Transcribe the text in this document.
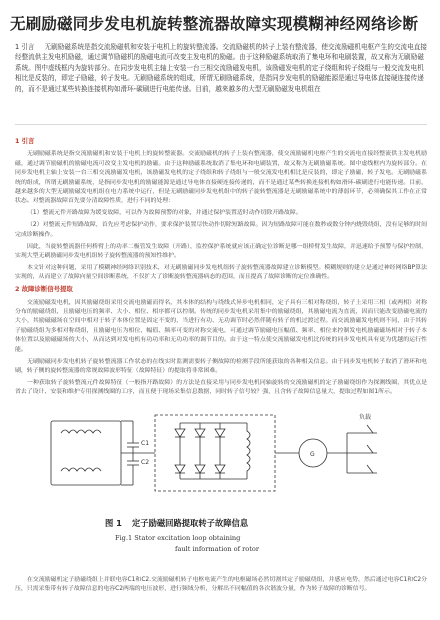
无刷励磁同步发电机旋转整流器故障实现模糊神经网络诊断
1 引言 无刷励磁系统是指交流励磁机和安装于电机上的旋转整流器。交流励磁机的转子上装有整流器，使交流励磁机电枢产生的交流电直接经整流供主发电机励磁，通过调节励磁机的励磁电流可改变主发电机的励磁。由于这种励磁系统取消了集电环和电刷装置，故又称为无刷励磁系统。图中虚线框内为旋转部分。在同步发电机主轴上安装一台三相交流励磁发电机，该励磁发电机的定子绕组和转子绕组与一般交流发电机相比是反装的，即定子励磁，转子发电。无刷励磁系统的组成，所谓无刷励磁系统，是指同步发电机的励磁能源是通过导电体直接硬连接传递的，而不是通过某些转换连接机构如滑环-碳刷进行电能传递。目前，越来越多的大型无刷励磁发电机组在
1 引言

无刷励磁系统是指交流励磁机和安装于电机上的旋转整流器。交流励磁机的转子上装有整流器，使交流励磁机电枢产生的交流电直接经整流供主发电机励磁，通过调节励磁机的励磁电流可改变主发电机的励磁。由于这种励磁系统取消了集电环和电刷装置，故又称为无刷励磁系统。图中虚线框内为旋转部分。在同步发电机主轴上安装一台三相交流励磁发电机，该励磁发电机的定子绕组和转子绕组与一般交流发电机相比是反装的，即定子励磁，转子发电。无刷励磁系统的组成，所谓无刷励磁系统，是指同步发电机的励磁能源是通过导电体直接硬连接传递的，而不是通过某些转换连接机构如滑环-碳刷进行电能传递。目前，越来越多的大型无刷励磁发电机组在电力系统中运行，但是无刷励磁同步发电机组中的转子旋转整流器是无刷励磁系统中的薄弱环节，必须确保其工作在正常状态。对整流器故障首先要分清故障性质，进行不同的处理：

（1）整流元件开路故障为缓变故障，可以作为故障预警的对象，并通过保护装置适时动作切除开路故障。

（2）对整流元件短路故障，首先应考虑保护动作，要求保护装置尽快动作切除短路故障。因为短路故障可能在数秒或数分钟内烧毁绕组，没有足够的时间完成诊断操作。

因此，当旋转整流器任何桥臂上的功率二极管发生故障（开路），监控保护系统就应该正确定位诊断是哪一组桥臂发生故障，并迅速给予预警与保护控制，实现大型无刷励磁同步发电机组转子旋转整流器的预知性维护。

本文针对这种问题，采用了模糊神经网络识别技术，对无刷励磁同步发电机组转子旋转整流器故障建立诊断模型。模糊规则的建立是通过神经网络BP算法实现的，从而建立了故障向量空间诊断系统，不仅扩大了诊断旋转整流器病态的范围，而且提高了故障诊断的定位准确性。

2 故障诊断信号提取

交流励磁发电机，因其励磁绕组采用交流电励磁而得名，其本体的结构与绕线式异步电机相同，定子具有三相对称绕组，转子上采用三相（或两相）对称分布的励磁绕组，且励磁电压的频率、大小、相位、相序都可以控制。传统的同步发电机采用集中的励磁绕组，其励磁电流为直流，因而只能改变励磁电流的大小，其励磁磁场在空间中相对于转子本体位置是固定不变的，当进行有功、无功调节时必然伴随有转子的机过渡过程。而交流励磁发电机则不同，由于其转子励磁绕组为多相对称绕组，且励磁电压为相位、幅值、频率可变的对称交流电，可通过调节励磁电压幅值、频率、相位来控制发电机励磁磁场相对于转子本体位置以及励磁磁场的大小，从而达到对发电机有功功率和无功功率的调节目的。由于这一特点使交流励磁发电机比传统的同步发电机具有更为优越的运行性能。

无刷励磁同步发电机转子旋转整流器工作状态的在线实时监测需要转子侧故障的检测手段所能获取的各种相关信息。由于同步发电机转子取消了滑环和电刷，转子侧的旋转整流器的常规故障波形特征（故障特征）的提取将非常困难。

一种获取转子旋转整流元件故障特征（一般指开路故障）的方法是直接采用与同步发电机同轴旋转的交流励磁机的定子励磁绕组作为探测线圈，其优点是省去了设计、安装和维护专用探测线圈的工序，而且便于现场采集信息数据，同时转子信号较？强，且含转子故障信息量大，提取过程如图1所示。

C1
C2
G
负载
图 1 定子励磁回路提取转子故障信息
Fig.1 Stator excitation loop obtaining
fault information of rotor

在交流励磁机定子励磁绕组上并联电容C1和C2.交流励磁机转子电枢电流产生的电枢磁场必然切割其定子励磁绕组，并感应电势，然后通过电容C1和C2分压，只需采集带有转子故障信息的电容C2两端的电压波形，进行频域分析，分解出不同幅值的各次谐波分量，作为转子故障的诊断信号。
